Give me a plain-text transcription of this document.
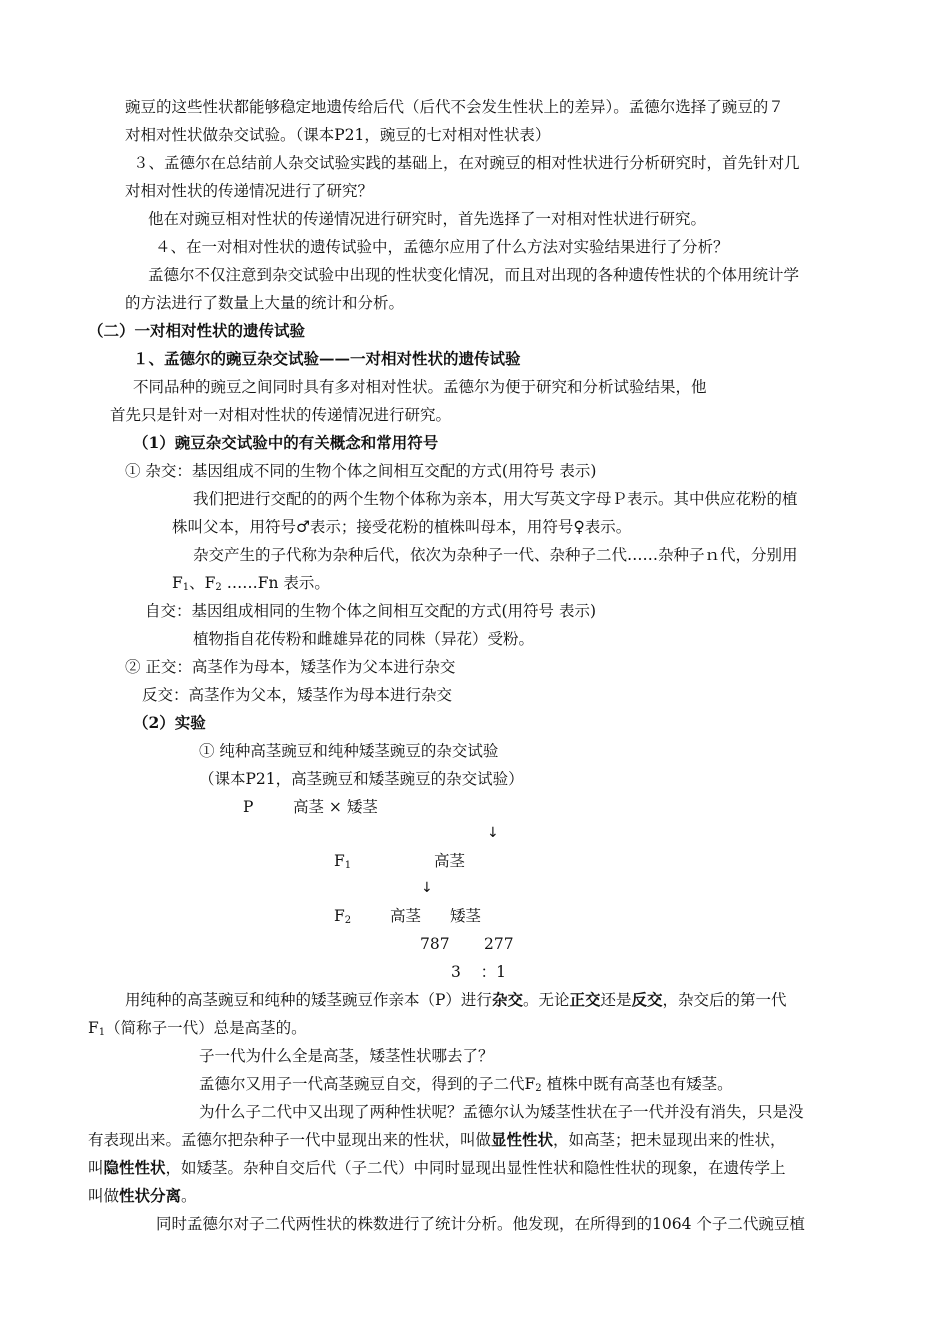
豌豆的这些性状都能够稳定地遗传给后代（后代不会发生性状上的差异）。孟德尔选择了豌豆的７
对相对性状做杂交试验。（课本P21，豌豆的七对相对性状表）
３、孟德尔在总结前人杂交试验实践的基础上，在对豌豆的相对性状进行分析研究时，首先针对几
对相对性状的传递情况进行了研究？
他在对豌豆相对性状的传递情况进行研究时，首先选择了一对相对性状进行研究。
４、在一对相对性状的遗传试验中，孟德尔应用了什么方法对实验结果进行了分析？
孟德尔不仅注意到杂交试验中出现的性状变化情况，而且对出现的各种遗传性状的个体用统计学
的方法进行了数量上大量的统计和分析。
（二）一对相对性状的遗传试验
１、孟德尔的豌豆杂交试验——一对相对性状的遗传试验
不同品种的豌豆之间同时具有多对相对性状。孟德尔为便于研究和分析试验结果，他
首先只是针对一对相对性状的传递情况进行研究。
（1）豌豆杂交试验中的有关概念和常用符号
① 杂交：基因组成不同的生物个体之间相互交配的方式(用符号 表示)
我们把进行交配的的两个生物个体称为亲本，用大写英文字母Ｐ表示。其中供应花粉的植
株叫父本，用符号♂表示；接受花粉的植株叫母本，用符号♀表示。
杂交产生的子代称为杂种后代，依次为杂种子一代、杂种子二代……杂种子ｎ代，分别用
$F_1$、$F_2$ ……Fn 表示。
自交：基因组成相同的生物个体之间相互交配的方式(用符号 表示)
植物指自花传粉和雌雄异花的同株（异花）受粉。
② 正交：高茎作为母本，矮茎作为父本进行杂交
反交：高茎作为父本，矮茎作为母本进行杂交
（2）实验
① 纯种高茎豌豆和纯种矮茎豌豆的杂交试验
（课本P21，高茎豌豆和矮茎豌豆的杂交试验）
P	高茎 × 矮茎
↓
$F_1$	高茎
↓
$F_2$	高茎 矮茎
787 277
3    ：1
用纯种的高茎豌豆和纯种的矮茎豌豆作亲本（P）进行杂交。无论正交还是反交，杂交后的第一代
$F_1$（简称子一代）总是高茎的。
子一代为什么全是高茎，矮茎性状哪去了？
孟德尔又用子一代高茎豌豆自交，得到的子二代$F_2$ 植株中既有高茎也有矮茎。
为什么子二代中又出现了两种性状呢？孟德尔认为矮茎性状在子一代并没有消失，只是没
有表现出来。孟德尔把杂种子一代中显现出来的性状，叫做显性性状，如高茎；把未显现出来的性状，
叫隐性性状，如矮茎。杂种自交后代（子二代）中同时显现出显性性状和隐性性状的现象，在遗传学上
叫做性状分离。
同时孟德尔对子二代两性状的株数进行了统计分析。他发现，在所得到的1064 个子二代豌豆植
